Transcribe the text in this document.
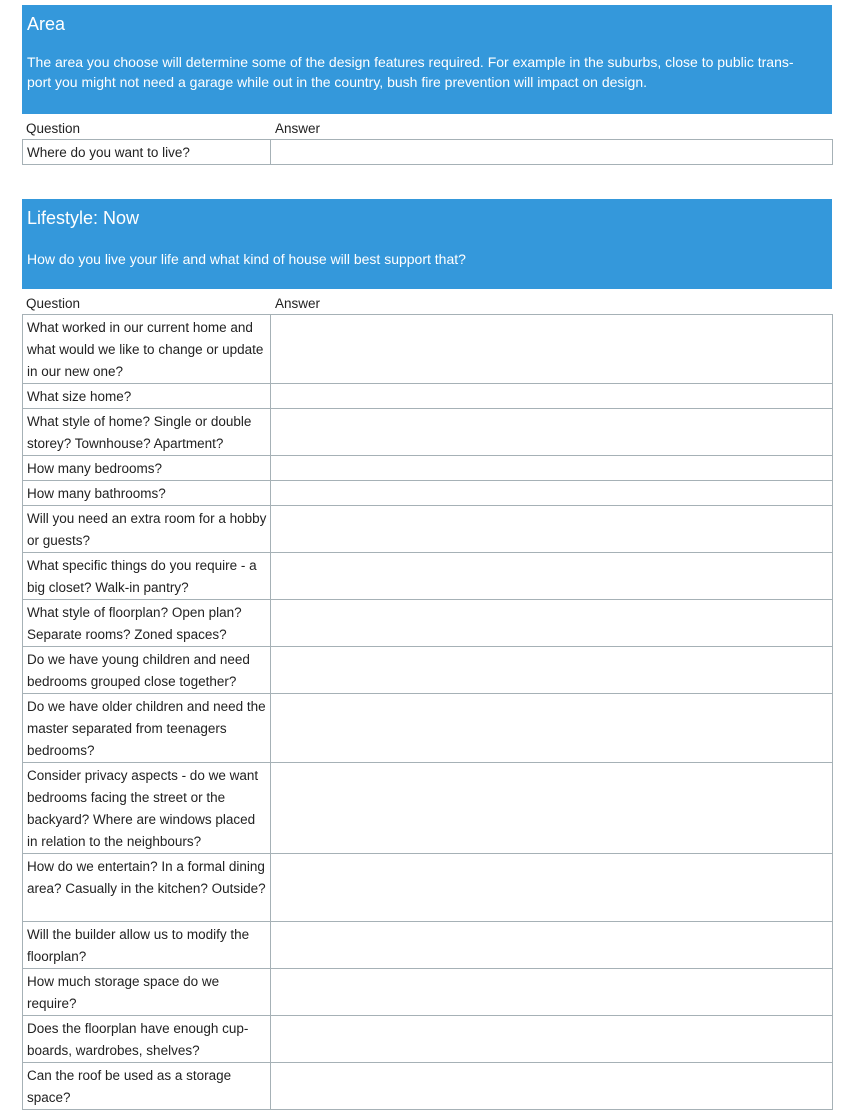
Area
The area you choose will determine some of the design features required. For example in the suburbs, close to public trans-
port you might not need a garage while out in the country, bush fire prevention will impact on design.
Question	Answer
Where do you want to live?	
Lifestyle: Now
How do you live your life and what kind of house will best support that?
Question	Answer
What worked in our current home and what would we like to change or update in our new one?	
What size home?	
What style of home? Single or double storey? Townhouse? Apartment?	
How many bedrooms?	
How many bathrooms?	
Will you need an extra room for a hobby or guests?	
What specific things do you require - a big closet? Walk-in pantry?	
What style of floorplan? Open plan? Separate rooms? Zoned spaces?	
Do we have young children and need bedrooms grouped close together?	
Do we have older children and need the master separated from teenagers bedrooms?	
Consider privacy aspects - do we want bedrooms facing the street or the backyard? Where are windows placed in relation to the neighbours?	
How do we entertain? In a formal dining area? Casually in the kitchen? Outside?	
Will the builder allow us to modify the floorplan?	
How much storage space do we require?	
Does the floorplan have enough cup-boards, wardrobes, shelves?	
Can the roof be used as a storage space?	
